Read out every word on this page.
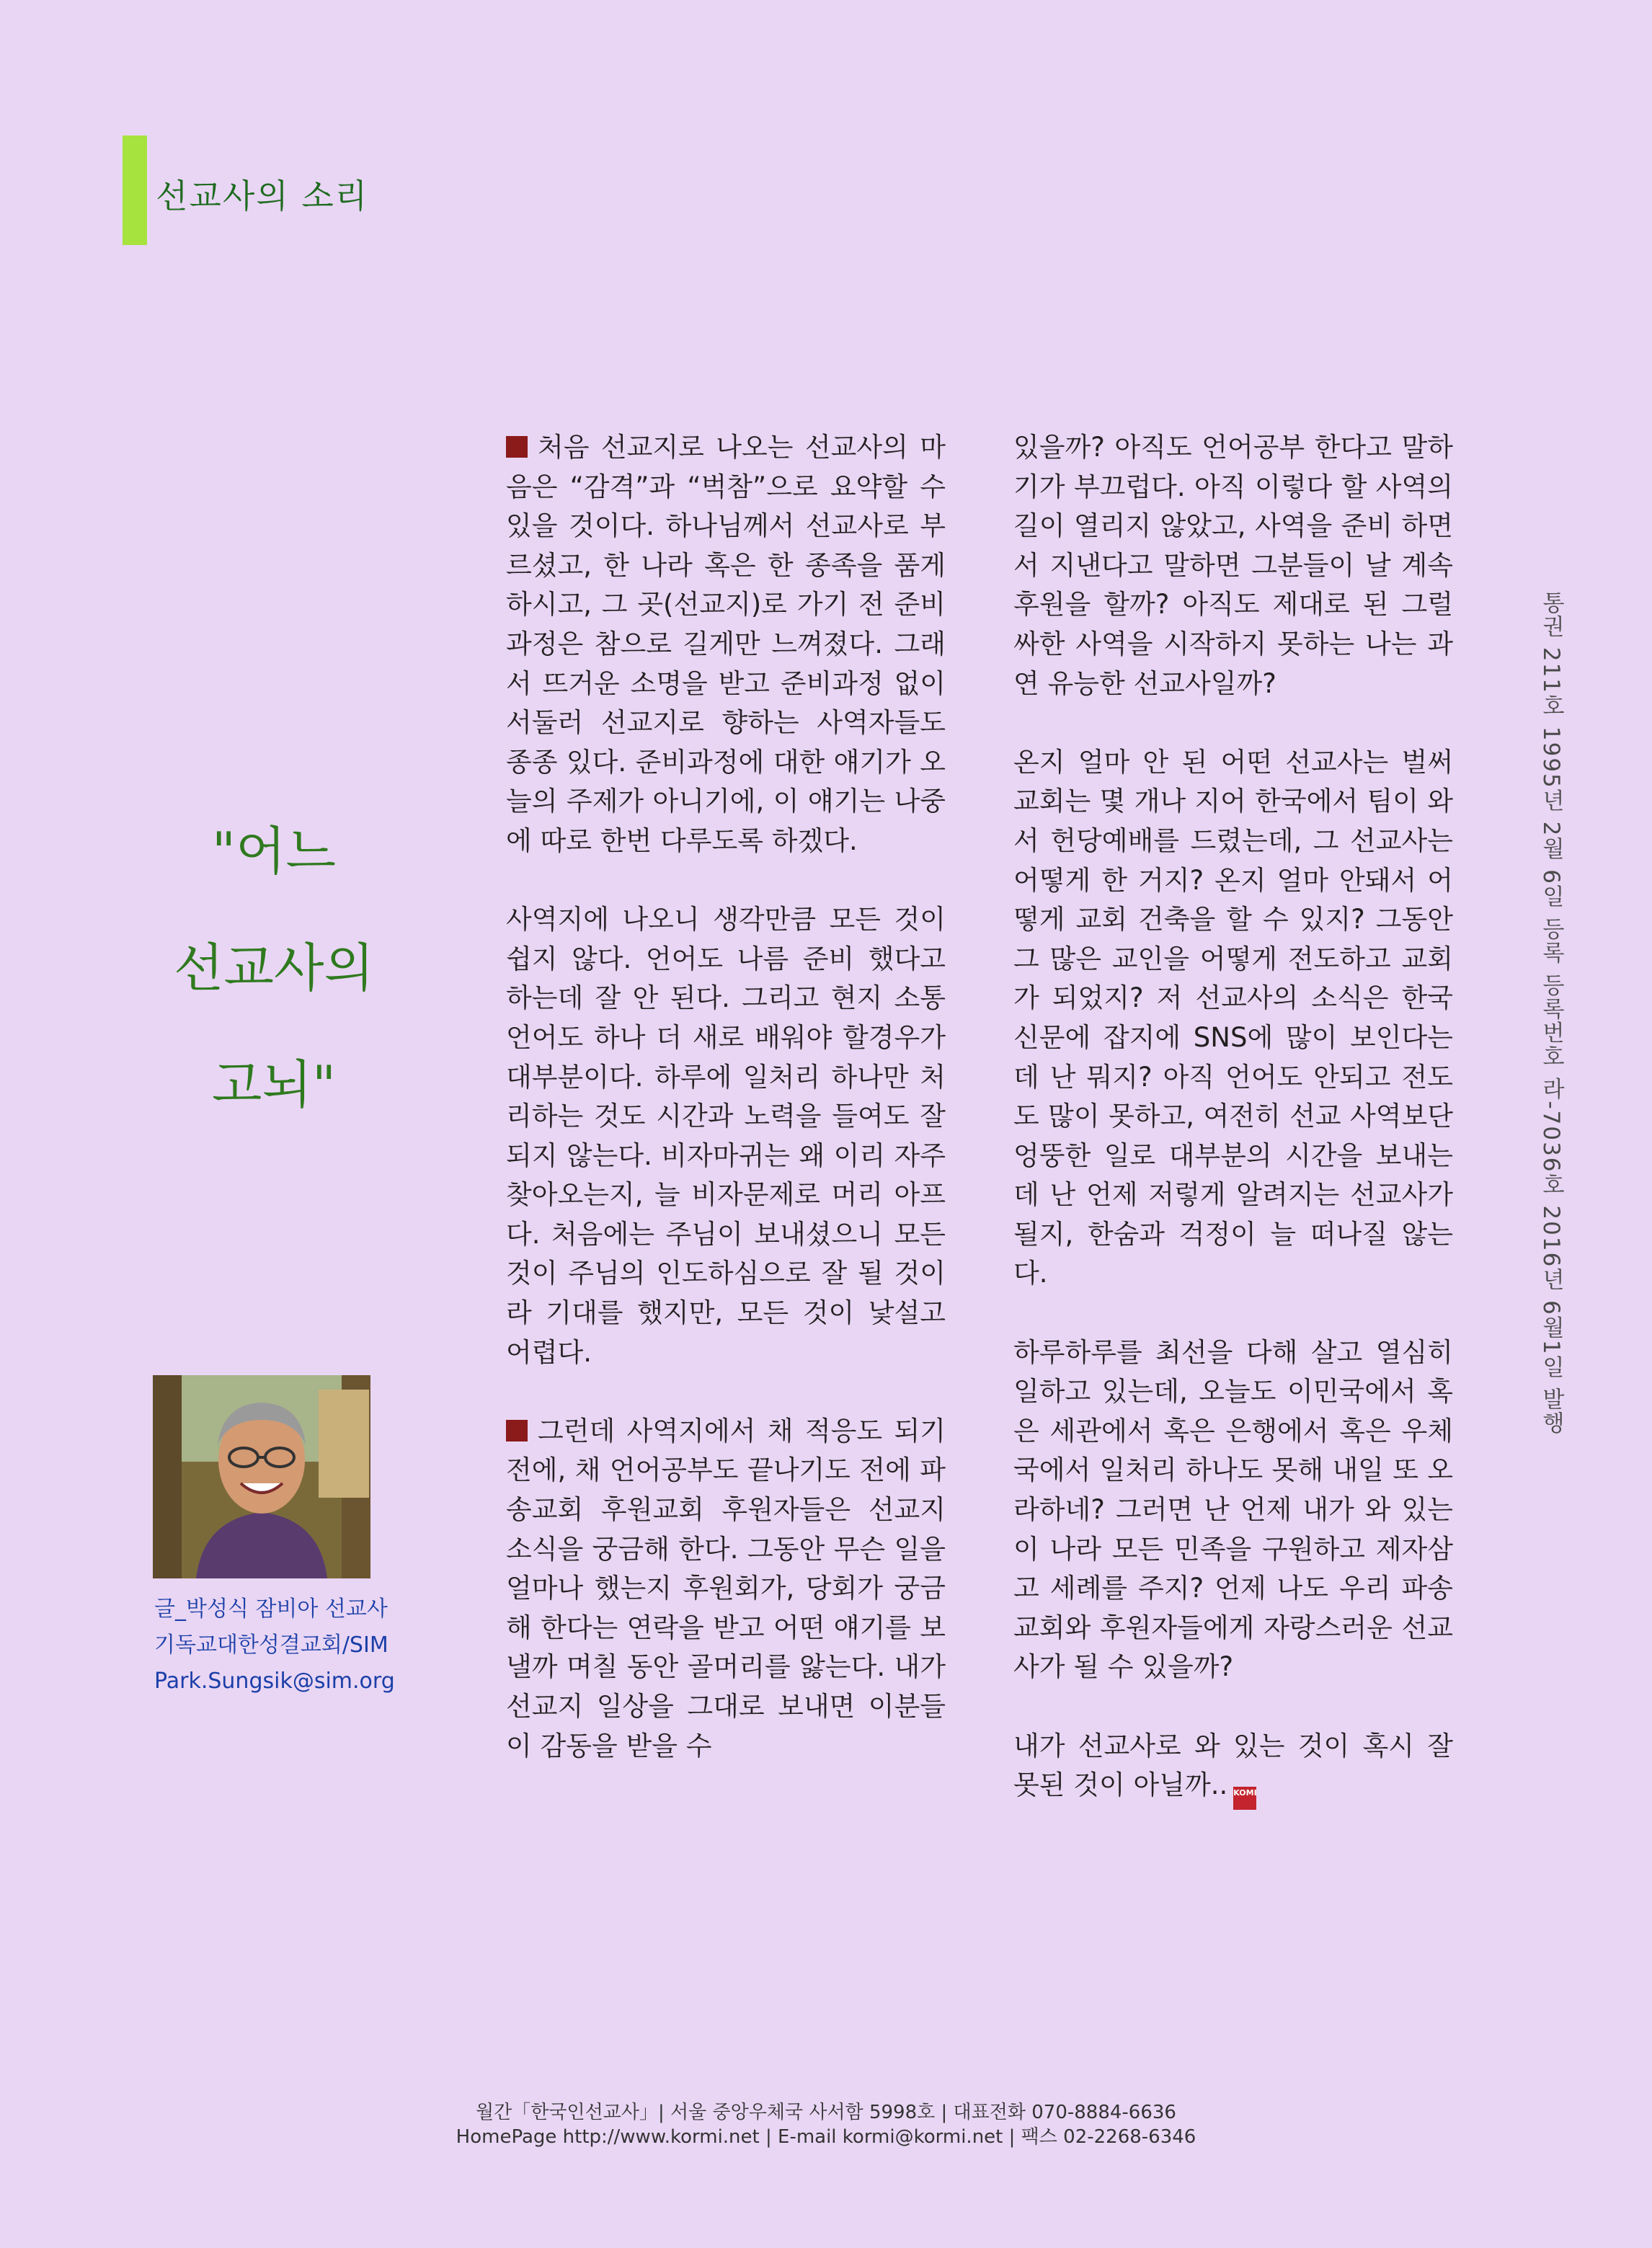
선교사의 소리
"어느
선교사의
고뇌"
글_박성식 잠비아 선교사
기독교대한성결교회/SIM
Park.Sungsik@sim.org

처음 선교지로 나오는 선교사의 마음은 “감격”과 “벅참”으로 요약할 수 있을 것이다. 하나님께서 선교사로 부르셨고, 한 나라 혹은 한 종족을 품게 하시고, 그 곳(선교지)로 가기 전 준비과정은 참으로 길게만 느껴졌다. 그래서 뜨거운 소명을 받고 준비과정 없이 서둘러 선교지로 향하는 사역자들도 종종 있다. 준비과정에 대한 얘기가 오늘의 주제가 아니기에, 이 얘기는 나중에 따로 한번 다루도록 하겠다.

사역지에 나오니 생각만큼 모든 것이 쉽지 않다. 언어도 나름 준비 했다고 하는데 잘 안 된다. 그리고 현지 소통언어도 하나 더 새로 배워야 할경우가 대부분이다. 하루에 일처리 하나만 처리하는 것도 시간과 노력을 들여도 잘 되지 않는다. 비자마귀는 왜 이리 자주 찾아오는지, 늘 비자문제로 머리 아프다. 처음에는 주님이 보내셨으니 모든 것이 주님의 인도하심으로 잘 될 것이라 기대를 했지만, 모든 것이 낯설고 어렵다.

그런데 사역지에서 채 적응도 되기 전에, 채 언어공부도 끝나기도 전에 파송교회 후원교회 후원자들은 선교지 소식을 궁금해 한다. 그동안 무슨 일을 얼마나 했는지 후원회가, 당회가 궁금해 한다는 연락을 받고 어떤 얘기를 보낼까 며칠 동안 골머리를 앓는다. 내가 선교지 일상을 그대로 보내면 이분들이 감동을 받을 수

있을까? 아직도 언어공부 한다고 말하기가 부끄럽다. 아직 이렇다 할 사역의 길이 열리지 않았고, 사역을 준비 하면서 지낸다고 말하면 그분들이 날 계속 후원을 할까? 아직도 제대로 된 그럴싸한 사역을 시작하지 못하는 나는 과연 유능한 선교사일까?

온지 얼마 안 된 어떤 선교사는 벌써 교회는 몇 개나 지어 한국에서 팀이 와서 헌당예배를 드렸는데, 그 선교사는 어떻게 한 거지? 온지 얼마 안돼서 어떻게 교회 건축을 할 수 있지? 그동안 그 많은 교인을 어떻게 전도하고 교회가 되었지? 저 선교사의 소식은 한국 신문에 잡지에 SNS에 많이 보인다는데 난 뭐지? 아직 언어도 안되고 전도도 많이 못하고, 여전히 선교 사역보단 엉뚱한 일로 대부분의 시간을 보내는데 난 언제 저렇게 알려지는 선교사가 될지, 한숨과 걱정이 늘 떠나질 않는다.

하루하루를 최선을 다해 살고 열심히 일하고 있는데, 오늘도 이민국에서 혹은 세관에서 혹은 은행에서 혹은 우체국에서 일처리 하나도 못해 내일 또 오라하네? 그러면 난 언제 내가 와 있는 이 나라 모든 민족을 구원하고 제자삼고 세례를 주지? 언제 나도 우리 파송교회와 후원자들에게 자랑스러운 선교사가 될 수 있을까?

내가 선교사로 와 있는 것이 혹시 잘 못된 것이 아닐까.. KOMI

통권 211호 1995년 2월 6일 등록 등록번호 라-7036호 2016년 6월1일 발행
월간「한국인선교사」| 서울 중앙우체국 사서함 5998호 | 대표전화 070-8884-6636
HomePage http://www.kormi.net | E-mail kormi@kormi.net | 팩스 02-2268-6346
